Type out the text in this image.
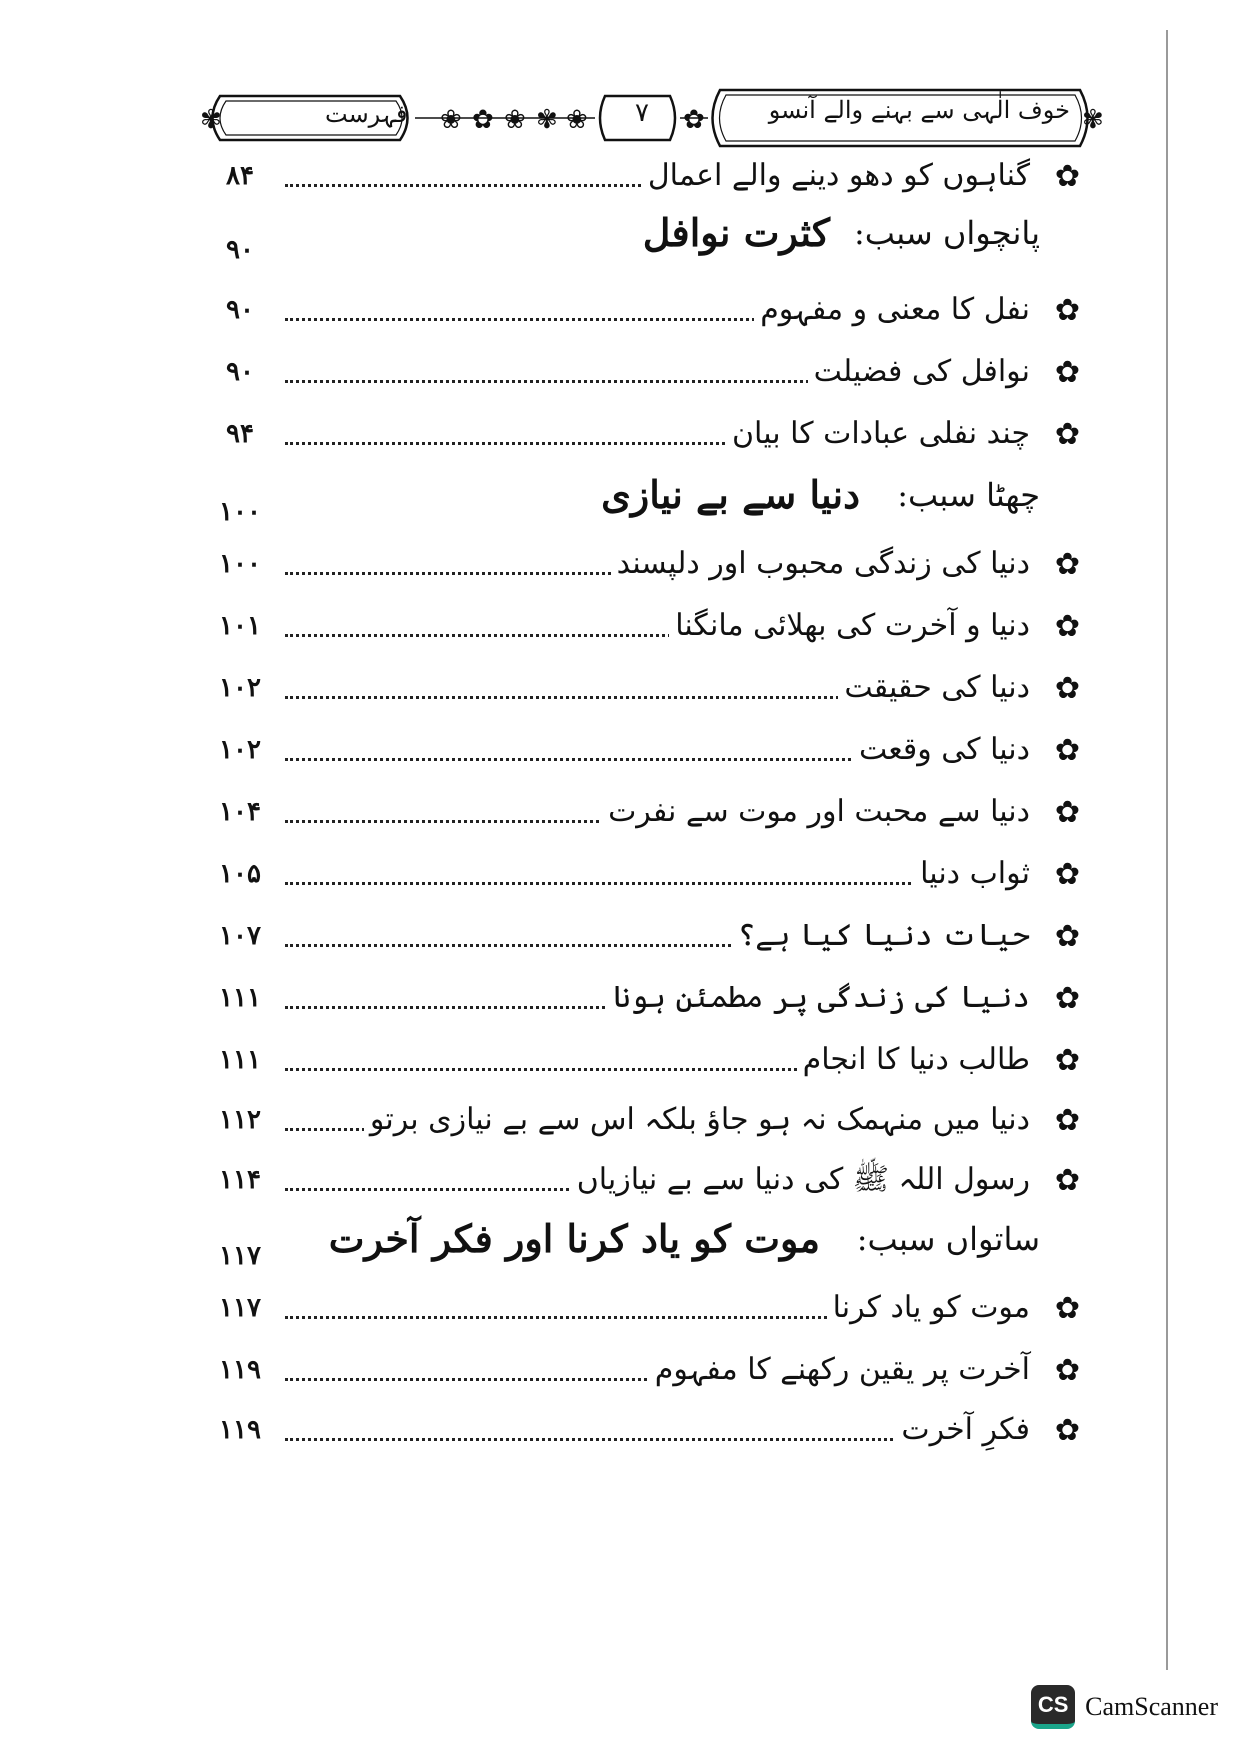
❀ ✿ ❀ ✾ ❀	✿
✾	✾
خوف الٰہی سے بہنے والے آنسو
۷
فہرست
✿
گناہوں کو دھو دینے والے اعمال
۸۴
پانچواں سبب:
کثرت نوافل
۹۰
✿
نفل کا معنی و مفہوم
۹۰
✿
نوافل کی فضیلت
۹۰
✿
چند نفلی عبادات کا بیان
۹۴
چھٹا سبب:
دنیا سے بے نیازی
۱۰۰
✿
دنیا کی زندگی محبوب اور دلپسند
۱۰۰
✿
دنیا و آخرت کی بھلائی مانگنا
۱۰۱
✿
دنیا کی حقیقت
۱۰۲
✿
دنیا کی وقعت
۱۰۲
✿
دنیا سے محبت اور موت سے نفرت
۱۰۴
✿
ثواب دنیا
۱۰۵
✿
حیات دنیا کیا ہے؟
۱۰۷
✿
دنیا کی زندگی پر مطمئن ہونا
۱۱۱
✿
طالب دنیا کا انجام
۱۱۱
✿
دنیا میں منہمک نہ ہو جاؤ بلکہ اس سے بے نیازی برتو
۱۱۲
✿
رسول اللہ ﷺ کی دنیا سے بے نیازیاں
۱۱۴
ساتواں سبب:
موت کو یاد کرنا اور فکر آخرت
۱۱۷
✿
موت کو یاد کرنا
۱۱۷
✿
آخرت پر یقین رکھنے کا مفہوم
۱۱۹
✿
فکرِ آخرت
۱۱۹
CS CamScanner
